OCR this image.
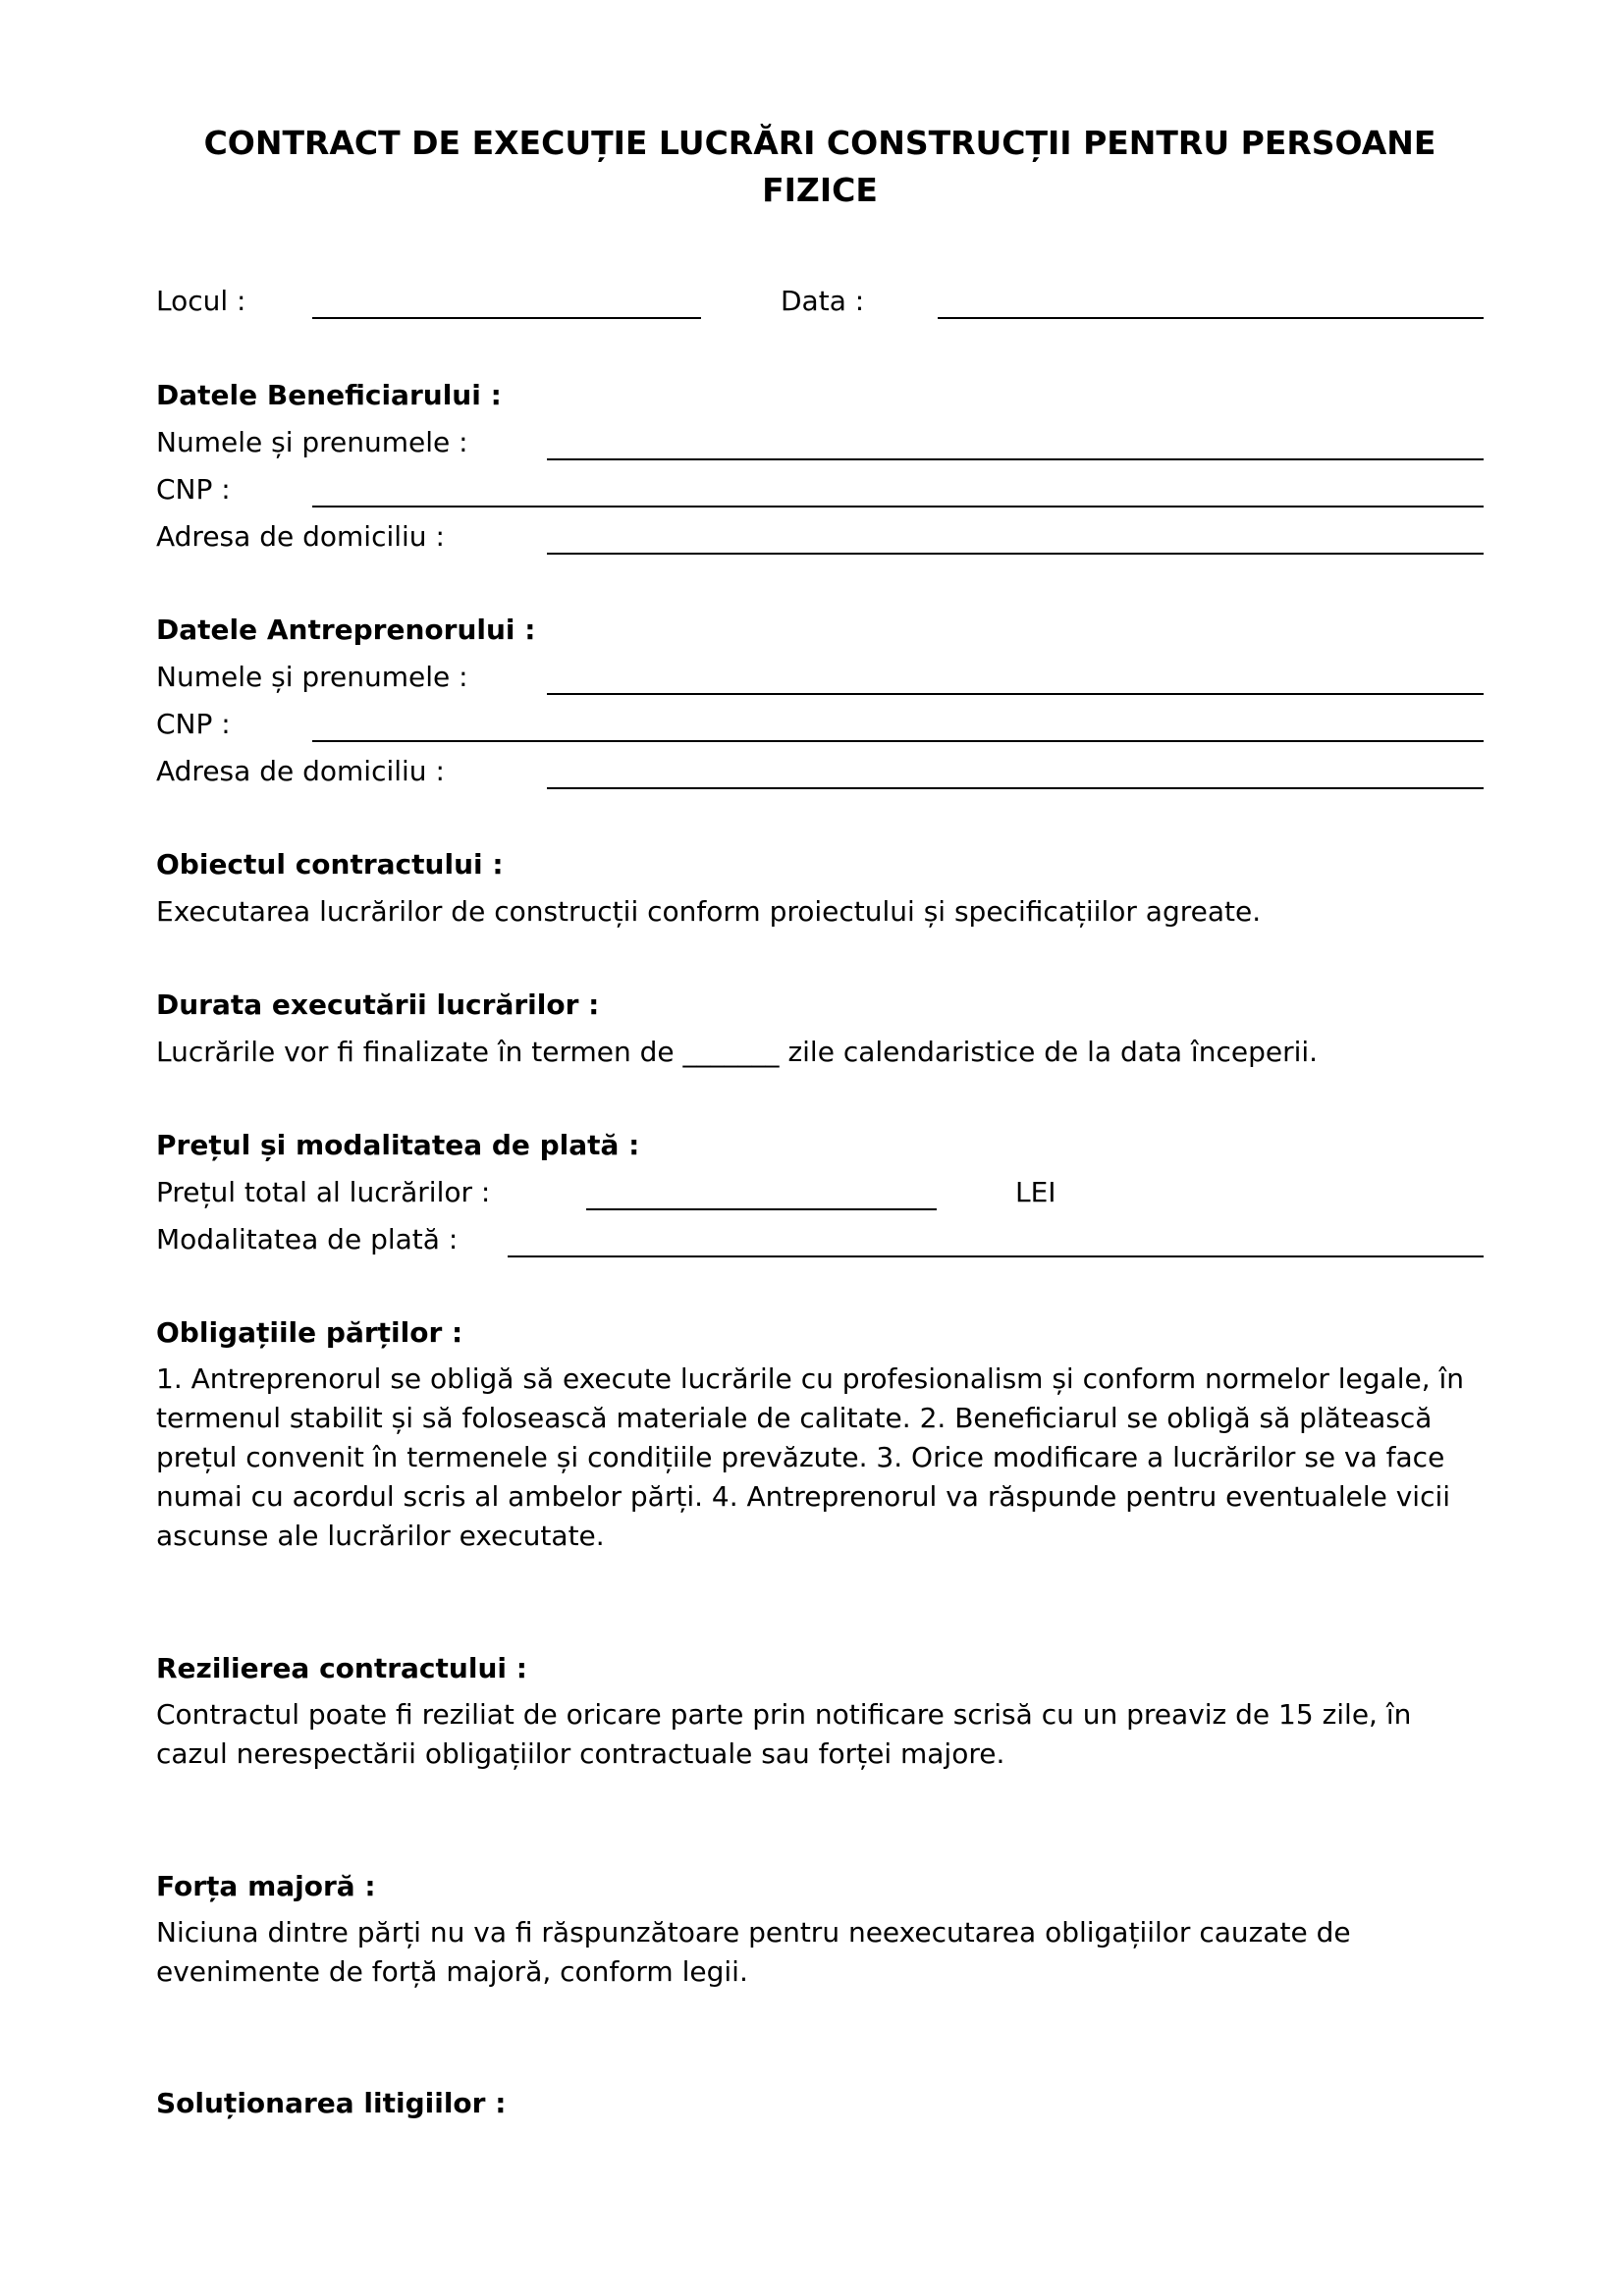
CONTRACT DE EXECUȚIE LUCRĂRI CONSTRUCȚII PENTRU PERSOANE FIZICE
Locul :	Data :
Datele Beneficiarului :
Numele și prenumele :
CNP :
Adresa de domiciliu :
Datele Antreprenorului :
Numele și prenumele :
CNP :
Adresa de domiciliu :
Obiectul contractului :
Executarea lucrărilor de construcții conform proiectului și specificațiilor agreate.
Durata executării lucrărilor :
Lucrările vor fi finalizate în termen de _______ zile calendaristice de la data începerii.
Prețul și modalitatea de plată :
Prețul total al lucrărilor :	LEI
Modalitatea de plată :
Obligațiile părților :
1. Antreprenorul se obligă să execute lucrările cu profesionalism și conform normelor legale, în termenul stabilit și să folosească materiale de calitate. 2. Beneficiarul se obligă să plătească prețul convenit în termenele și condițiile prevăzute. 3. Orice modificare a lucrărilor se va face numai cu acordul scris al ambelor părți. 4. Antreprenorul va răspunde pentru eventualele vicii ascunse ale lucrărilor executate.
Rezilierea contractului :
Contractul poate fi reziliat de oricare parte prin notificare scrisă cu un preaviz de 15 zile, în cazul nerespectării obligațiilor contractuale sau forței majore.
Forța majoră :
Niciuna dintre părți nu va fi răspunzătoare pentru neexecutarea obligațiilor cauzate de evenimente de forță majoră, conform legii.
Soluționarea litigiilor :
